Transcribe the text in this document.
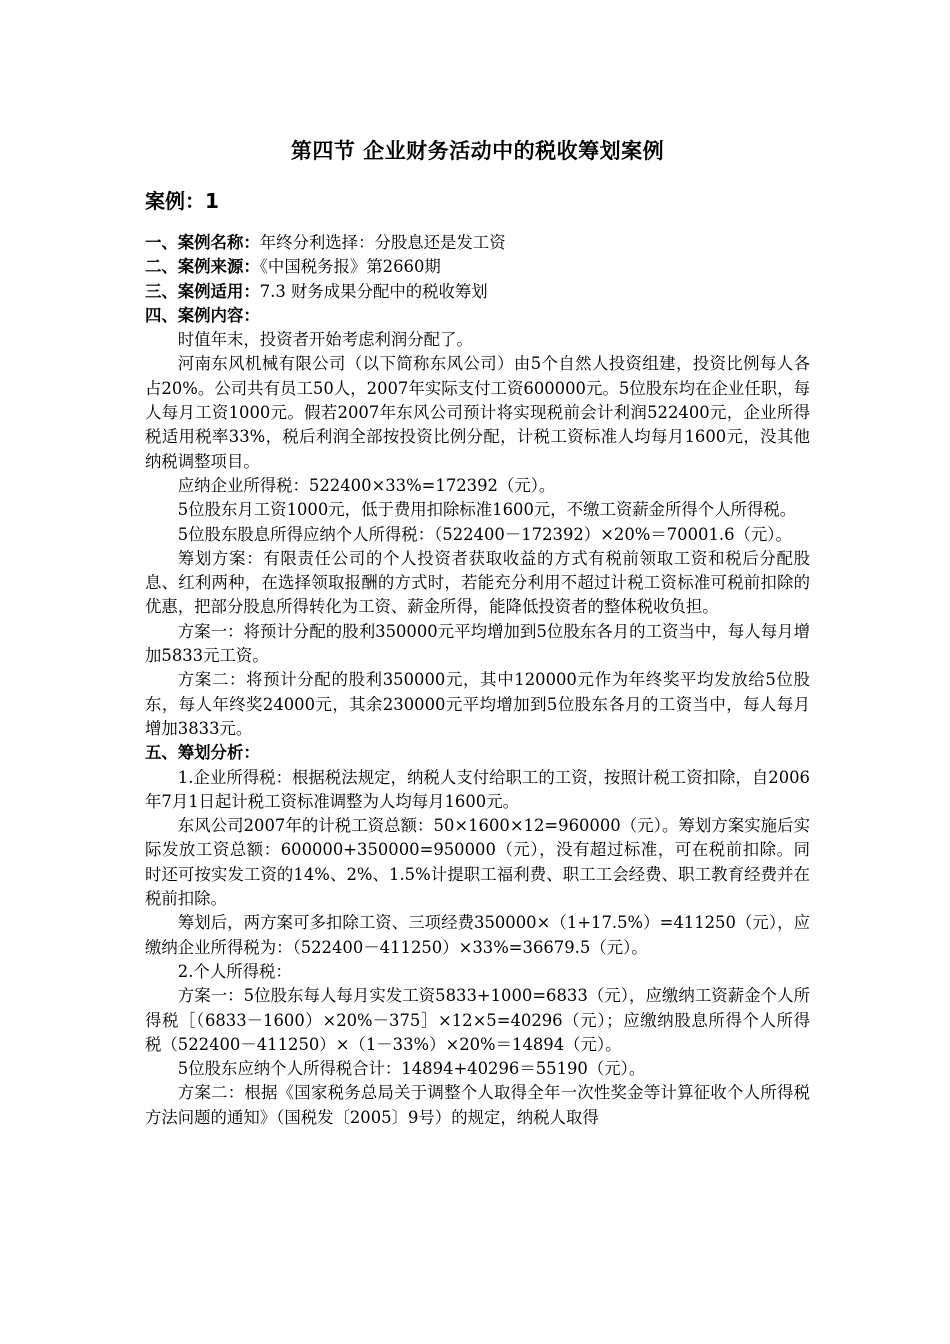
第四节 企业财务活动中的税收筹划案例
案例：1

一、案例名称：年终分利选择：分股息还是发工资

二、案例来源：《中国税务报》第2660期

三、案例适用：7.3 财务成果分配中的税收筹划

四、案例内容：

时值年末，投资者开始考虑利润分配了。

河南东风机械有限公司（以下简称东风公司）由5个自然人投资组建，投资比例每人各占20%。公司共有员工50人，2007年实际支付工资600000元。5位股东均在企业任职，每人每月工资1000元。假若2007年东风公司预计将实现税前会计利润522400元，企业所得税适用税率33%，税后利润全部按投资比例分配，计税工资标准人均每月1600元，没其他纳税调整项目。

应纳企业所得税：522400×33%=172392（元）。

5位股东月工资1000元，低于费用扣除标准1600元，不缴工资薪金所得个人所得税。

5位股东股息所得应纳个人所得税：（522400－172392）×20%＝70001.6（元）。

筹划方案：有限责任公司的个人投资者获取收益的方式有税前领取工资和税后分配股息、红利两种，在选择领取报酬的方式时，若能充分利用不超过计税工资标准可税前扣除的优惠，把部分股息所得转化为工资、薪金所得，能降低投资者的整体税收负担。

方案一：将预计分配的股利350000元平均增加到5位股东各月的工资当中，每人每月增加5833元工资。

方案二：将预计分配的股利350000元，其中120000元作为年终奖平均发放给5位股东，每人年终奖24000元，其余230000元平均增加到5位股东各月的工资当中，每人每月增加3833元。

五、筹划分析：

1.企业所得税：根据税法规定，纳税人支付给职工的工资，按照计税工资扣除，自2006年7月1日起计税工资标准调整为人均每月1600元。

东风公司2007年的计税工资总额：50×1600×12=960000（元）。筹划方案实施后实际发放工资总额：600000+350000=950000（元），没有超过标准，可在税前扣除。同时还可按实发工资的14%、2%、1.5%计提职工福利费、职工工会经费、职工教育经费并在税前扣除。

筹划后，两方案可多扣除工资、三项经费350000×（1+17.5%）=411250（元），应缴纳企业所得税为：（522400－411250）×33%=36679.5（元）。

2.个人所得税：

方案一：5位股东每人每月实发工资5833+1000=6833（元），应缴纳工资薪金个人所得税［（6833－1600）×20%－375］×12×5=40296（元）；应缴纳股息所得个人所得税（522400－411250）×（1－33%）×20%＝14894（元）。

5位股东应纳个人所得税合计：14894+40296＝55190（元）。

方案二：根据《国家税务总局关于调整个人取得全年一次性奖金等计算征收个人所得税方法问题的通知》（国税发〔2005〕9号）的规定，纳税人取得
